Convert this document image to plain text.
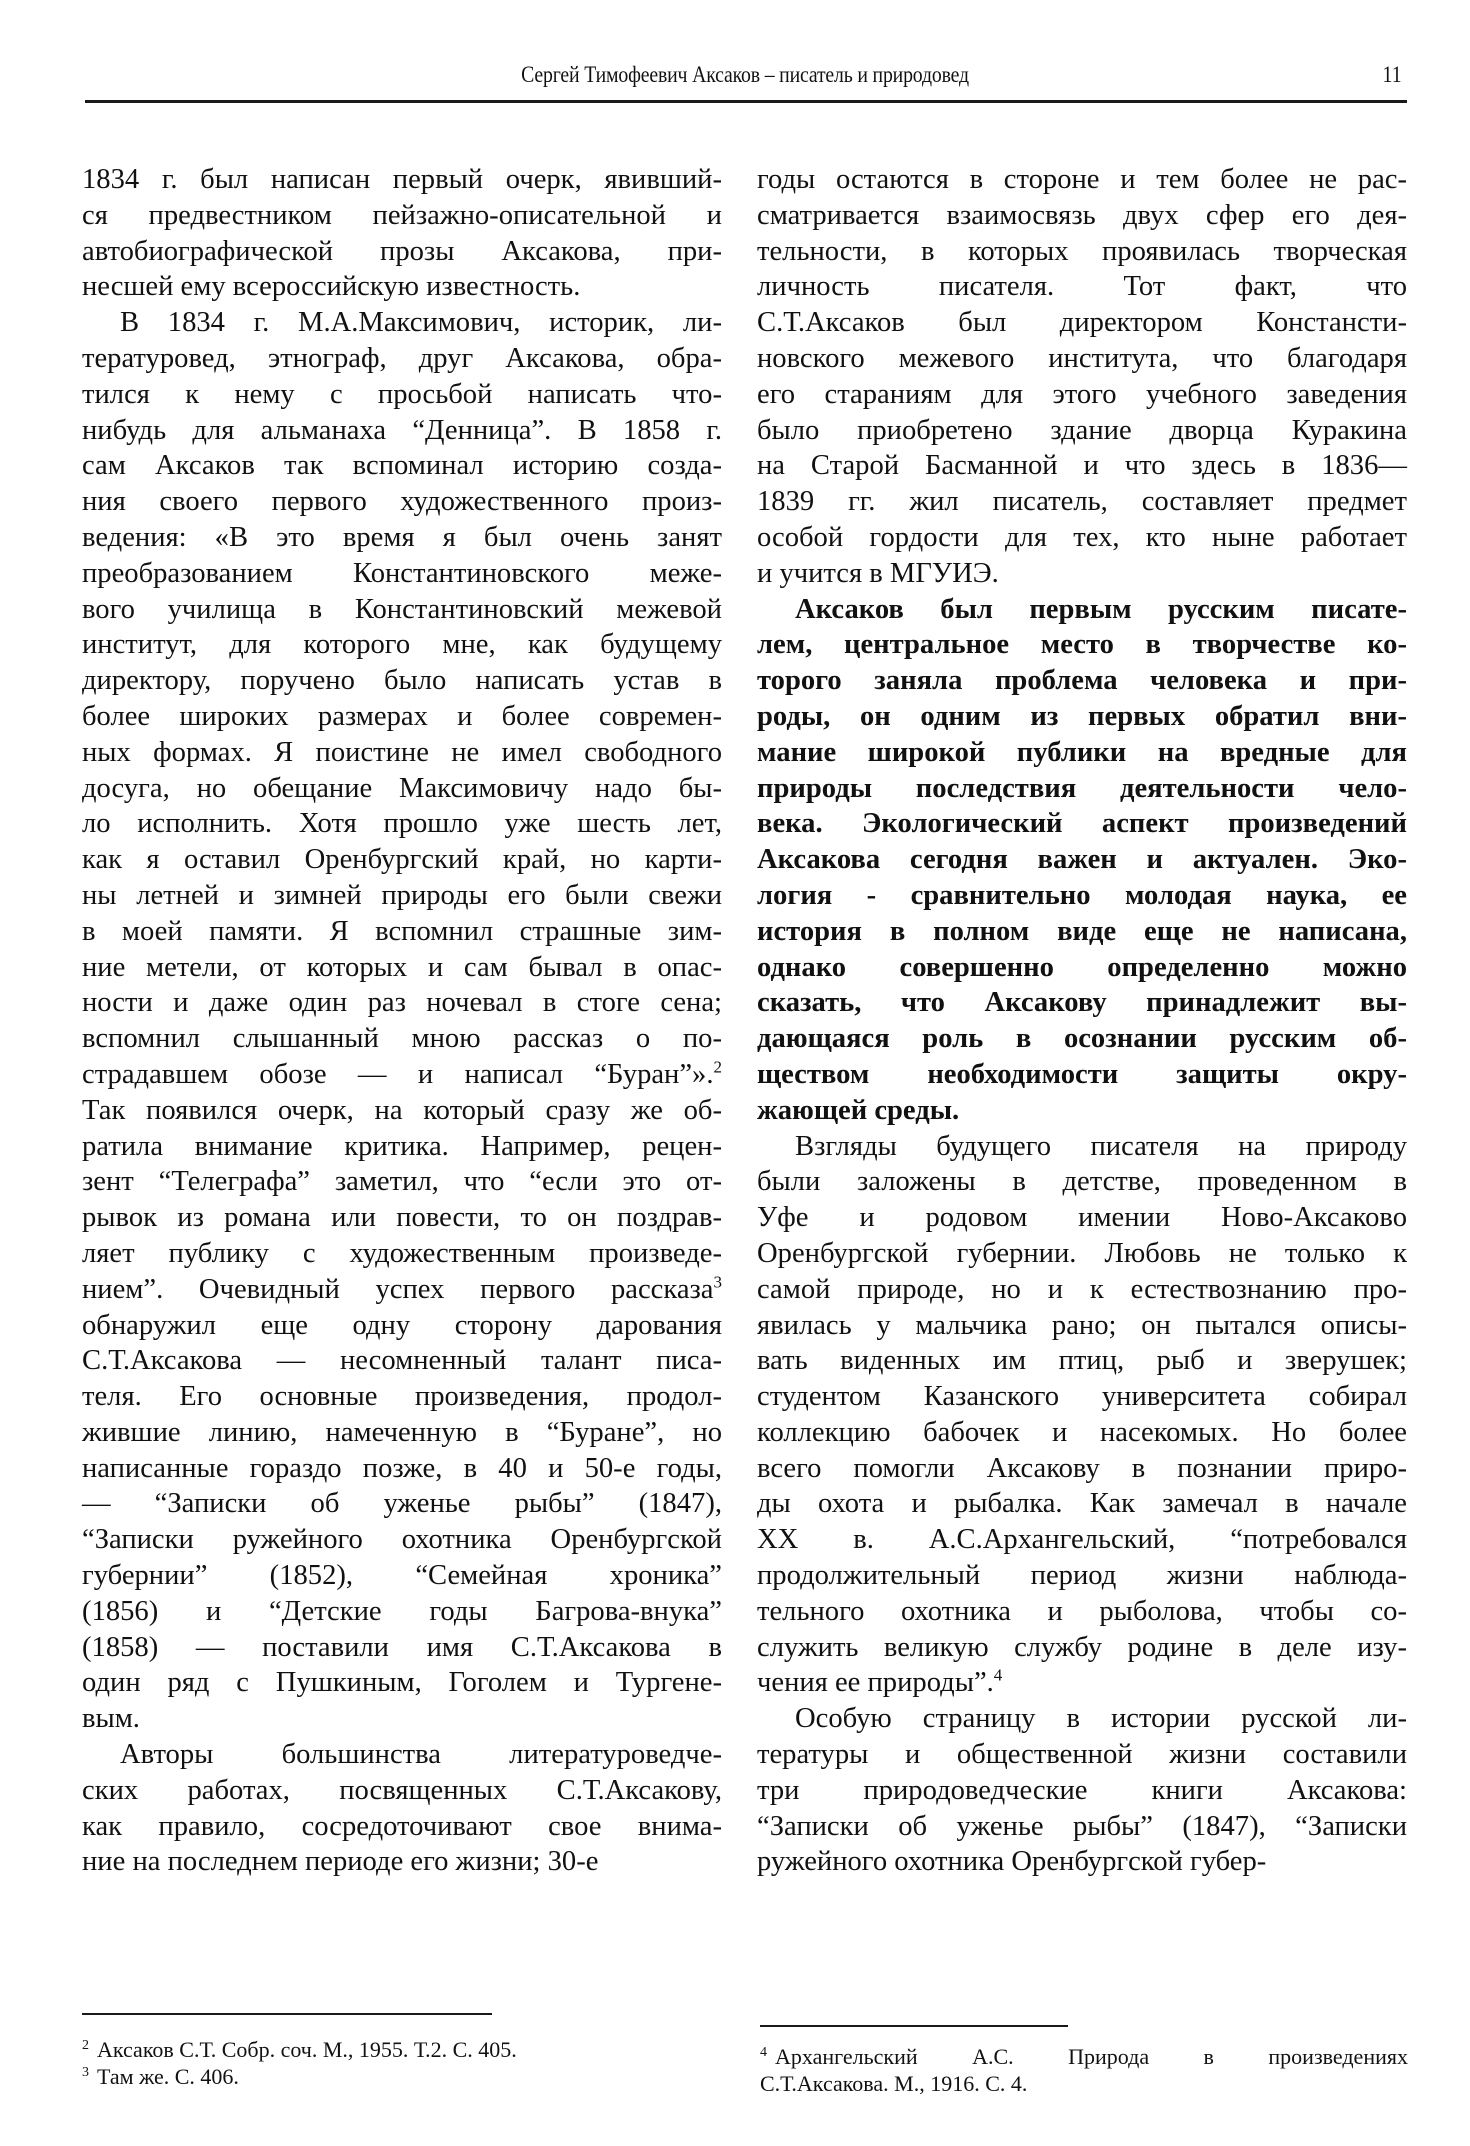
Сергей Тимофеевич Аксаков – писатель и природовед	11
1834 г. был написан первый очерк, явивший-
ся предвестником пейзажно-описательной и
автобиографической прозы Аксакова, при-
несшей ему всероссийскую известность.
В 1834 г. М.А.Максимович, историк, ли-
тературовед, этнограф, друг Аксакова, обра-
тился к нему с просьбой написать что-
нибудь для альманаха “Денница”. В 1858 г.
сам Аксаков так вспоминал историю созда-
ния своего первого художественного произ-
ведения: «В это время я был очень занят
преобразованием Константиновского меже-
вого училища в Константиновский межевой
институт, для которого мне, как будущему
директору, поручено было написать устав в
более широких размерах и более современ-
ных формах. Я поистине не имел свободного
досуга, но обещание Максимовичу надо бы-
ло исполнить. Хотя прошло уже шесть лет,
как я оставил Оренбургский край, но карти-
ны летней и зимней природы его были свежи
в моей памяти. Я вспомнил страшные зим-
ние метели, от которых и сам бывал в опас-
ности и даже один раз ночевал в стоге сена;
вспомнил слышанный мною рассказ о по-
страдавшем обозе — и написал “Буран”».$^2$
Так появился очерк, на который сразу же об-
ратила внимание критика. Например, рецен-
зент “Телеграфа” заметил, что “если это от-
рывок из романа или повести, то он поздрав-
ляет публику с художественным произведе-
нием”. Очевидный успех первого рассказа$^3$
обнаружил еще одну сторону дарования
С.Т.Аксакова — несомненный талант писа-
теля. Его основные произведения, продол-
жившие линию, намеченную в “Буране”, но
написанные гораздо позже, в 40 и 50-е годы,
— “Записки об уженье рыбы” (1847),
“Записки ружейного охотника Оренбургской
губернии” (1852), “Семейная хроника”
(1856) и “Детские годы Багрова-внука”
(1858) — поставили имя С.Т.Аксакова в
один ряд с Пушкиным, Гоголем и Тургене-
вым.
Авторы большинства литературоведче-
ских работах, посвященных С.Т.Аксакову,
как правило, сосредоточивают свое внима-
ние на последнем периоде его жизни; 30-е
годы остаются в стороне и тем более не рас-
сматривается взаимосвязь двух сфер его дея-
тельности, в которых проявилась творческая
личность писателя. Тот факт, что
С.Т.Аксаков был директором Констансти-
новского межевого института, что благодаря
его стараниям для этого учебного заведения
было приобретено здание дворца Куракина
на Старой Басманной и что здесь в 1836—
1839 гг. жил писатель, составляет предмет
особой гордости для тех, кто ныне работает
и учится в МГУИЭ.
Аксаков был первым русским писате-
лем, центральное место в творчестве ко-
торого заняла проблема человека и при-
роды, он одним из первых обратил вни-
мание широкой публики на вредные для
природы последствия деятельности чело-
века. Экологический аспект произведений
Аксакова сегодня важен и актуален. Эко-
логия - сравнительно молодая наука, ее
история в полном виде еще не написана,
однако совершенно определенно можно
сказать, что Аксакову принадлежит вы-
дающаяся роль в осознании русским об-
ществом необходимости защиты окру-
жающей среды.
Взгляды будущего писателя на природу
были заложены в детстве, проведенном в
Уфе и родовом имении Ново-Аксаково
Оренбургской губернии. Любовь не только к
самой природе, но и к естествознанию про-
явилась у мальчика рано; он пытался описы-
вать виденных им птиц, рыб и зверушек;
студентом Казанского университета собирал
коллекцию бабочек и насекомых. Но более
всего помогли Аксакову в познании приро-
ды охота и рыбалка. Как замечал в начале
XX в. А.С.Архангельский, “потребовался
продолжительный период жизни наблюда-
тельного охотника и рыболова, чтобы со-
служить великую службу родине в деле изу-
чения ее природы”.$^4$
Особую страницу в истории русской ли-
тературы и общественной жизни составили
три природоведческие книги Аксакова:
“Записки об уженье рыбы” (1847), “Записки
ружейного охотника Оренбургской губер-
$^2$ Аксаков С.Т. Собр. соч. М., 1955. Т.2. С. 405.
$^3$ Там же. С. 406.
$^4$ Архангельский А.С. Природа в произведениях
С.Т.Аксакова. М., 1916. С. 4.
